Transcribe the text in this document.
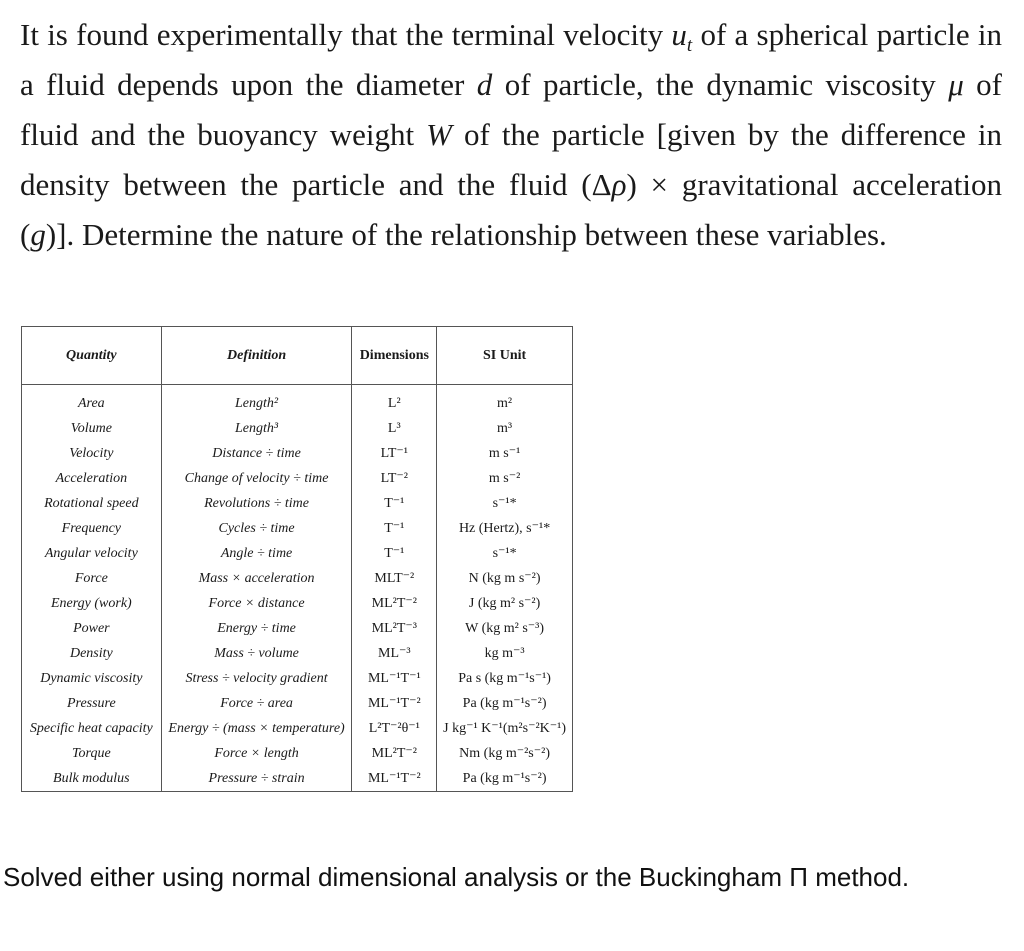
It is found experimentally that the terminal velocity $u_t$ of a spherical particle in a fluid depends upon the diameter d of particle, the dynamic viscosity μ of fluid and the buoyancy weight W of the particle [given by the difference in density between the particle and the fluid (Δρ) × gravitational acceleration (g)]. Determine the nature of the relationship between these variables.
Quantity	Definition	Dimensions	SI Unit
Area	Length²	L²	m²
Volume	Length³	L³	m³
Velocity	Distance ÷ time	LT⁻¹	m s⁻¹
Acceleration	Change of velocity ÷ time	LT⁻²	m s⁻²
Rotational speed	Revolutions ÷ time	T⁻¹	s⁻¹*
Frequency	Cycles ÷ time	T⁻¹	Hz (Hertz), s⁻¹*
Angular velocity	Angle ÷ time	T⁻¹	s⁻¹*
Force	Mass × acceleration	MLT⁻²	N (kg m s⁻²)
Energy (work)	Force × distance	ML²T⁻²	J (kg m² s⁻²)
Power	Energy ÷ time	ML²T⁻³	W (kg m² s⁻³)
Density	Mass ÷ volume	ML⁻³	kg m⁻³
Dynamic viscosity	Stress ÷ velocity gradient	ML⁻¹T⁻¹	Pa s (kg m⁻¹s⁻¹)
Pressure	Force ÷ area	ML⁻¹T⁻²	Pa (kg m⁻¹s⁻²)
Specific heat capacity	Energy ÷ (mass × temperature)	L²T⁻²θ⁻¹	J kg⁻¹ K⁻¹(m²s⁻²K⁻¹)
Torque	Force × length	ML²T⁻²	Nm (kg m⁻²s⁻²)
Bulk modulus	Pressure ÷ strain	ML⁻¹T⁻²	Pa (kg m⁻¹s⁻²)
Solved either using normal dimensional analysis or the Buckingham Π method.
